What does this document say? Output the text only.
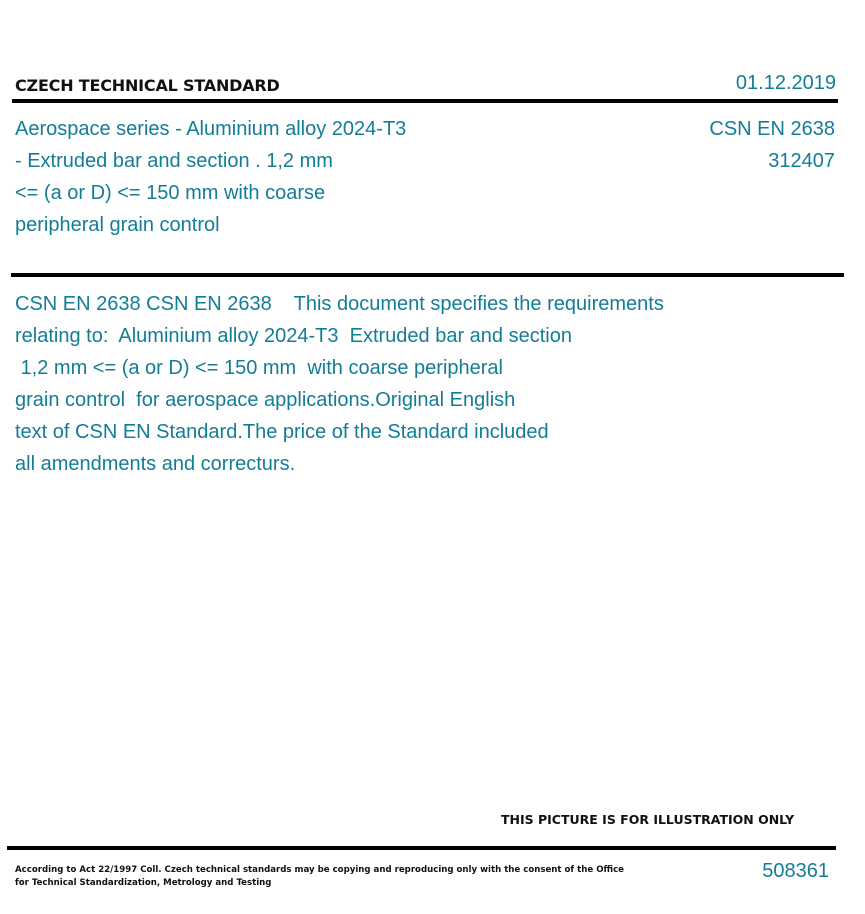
CZECH TECHNICAL STANDARD	01.12.2019
Aerospace series - Aluminium alloy 2024-T3
- Extruded bar and section . 1,2 mm
<= (a or D) <= 150 mm with coarse
peripheral grain control
CSN EN 2638
312407
CSN EN 2638 CSN EN 2638    This document specifies the requirements
relating to:  Aluminium alloy 2024-T3  Extruded bar and section
1,2 mm <= (a or D) <= 150 mm  with coarse peripheral
grain control  for aerospace applications.Original English
text of CSN EN Standard.The price of the Standard included
all amendments and correcturs.
THIS PICTURE IS FOR ILLUSTRATION ONLY
According to Act 22/1997 Coll. Czech technical standards may be copying and reproducing only with the consent of the Office
for Technical Standardization, Metrology and Testing
508361
